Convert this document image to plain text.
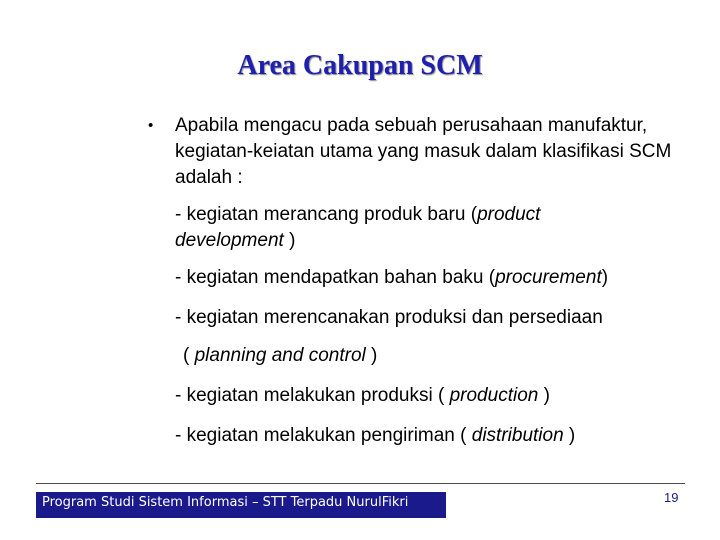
Area Cakupan SCM
• Apabila mengacu pada sebuah perusahaan manufaktur, kegiatan-keiatan utama yang masuk dalam klasifikasi SCM adalah :
- kegiatan merancang produk baru (product
development )
- kegiatan mendapatkan bahan baku (procurement)
- kegiatan merencanakan produksi dan persediaan
( planning and control )
- kegiatan melakukan produksi ( production )
- kegiatan melakukan pengiriman ( distribution )
Program Studi Sistem Informasi – STT Terpadu NurulFikri	19
